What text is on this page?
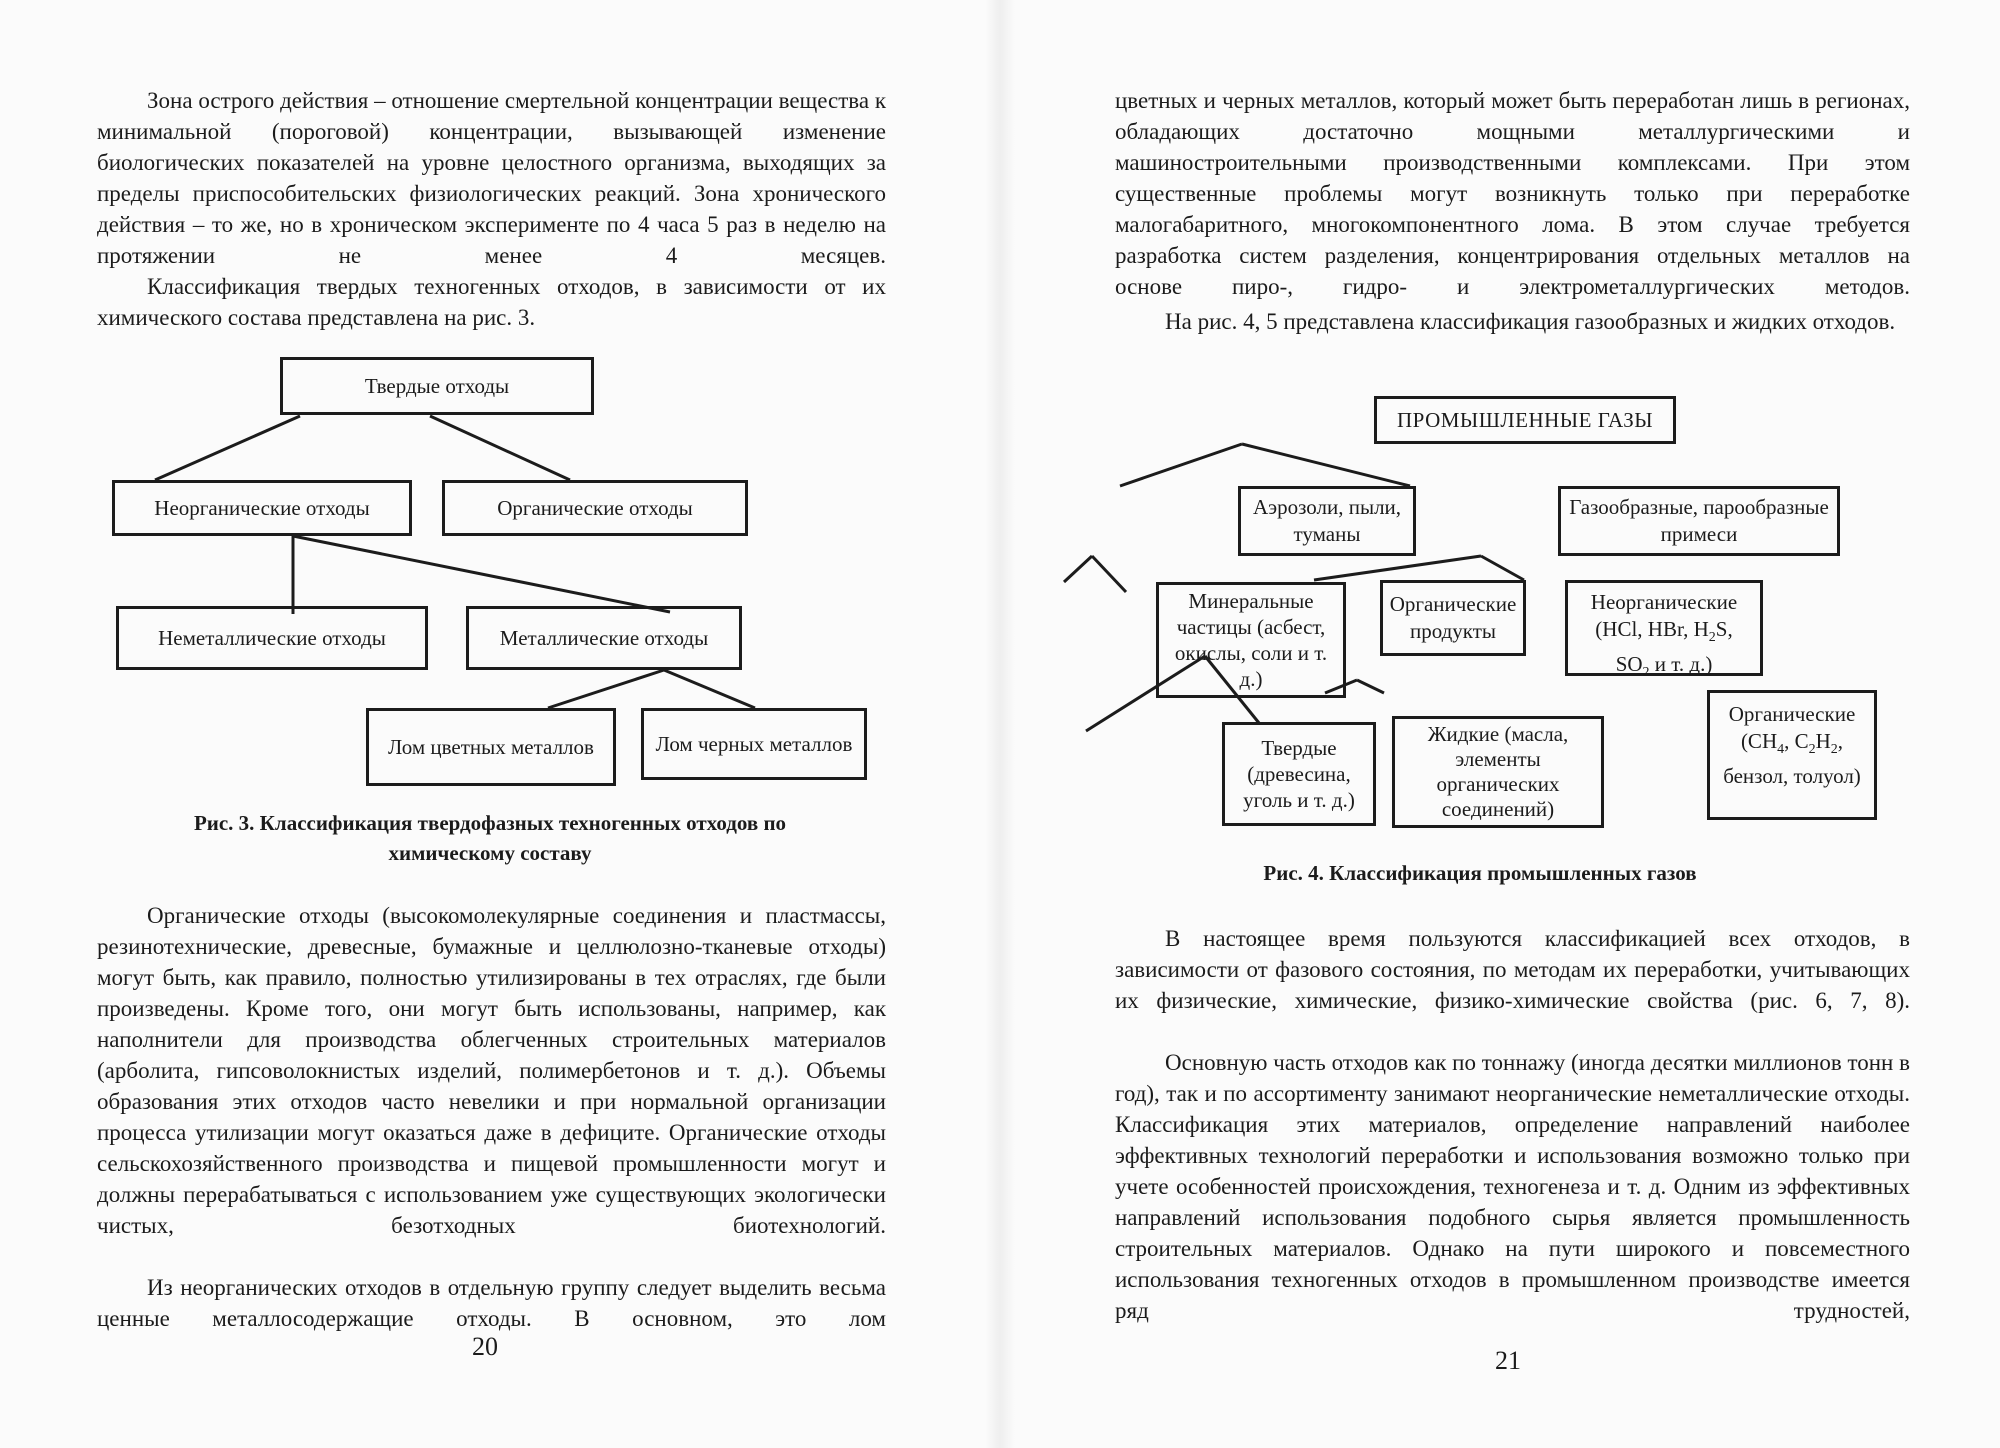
Зона острого действия – отношение смертельной концентрации вещества к минимальной (пороговой) концентрации, вызывающей изменение биологических показателей на уровне целостного организма, выходящих за пределы приспособительских физиологических реакций. Зона хронического действия – то же, но в хроническом эксперименте по 4 часа 5 раз в неделю на протяжении не менее 4 месяцев.

Классификация твердых техногенных отходов, в зависимости от их химического состава представлена на рис. 3.

Твердые отходы
Неорганические отходы	Органические отходы
Неметаллические отходы	Металлические отходы
Лом цветных металлов	Лом черных металлов

Рис. 3. Классификация твердофазных техногенных отходов по химическому составу

Органические отходы (высокомолекулярные соединения и пластмассы, резинотехнические, древесные, бумажные и целлюлозно-тканевые отходы) могут быть, как правило, полностью утилизированы в тех отраслях, где были произведены. Кроме того, они могут быть использованы, например, как наполнители для производства облегченных строительных материалов (арболита, гипсоволокнистых изделий, полимербетонов и т. д.). Объемы образования этих отходов часто невелики и при нормальной организации процесса утилизации могут оказаться даже в дефиците. Органические отходы сельскохозяйственного производства и пищевой промышленности могут и должны перерабатываться с использованием уже существующих экологически чистых, безотходных биотехнологий.

Из неорганических отходов в отдельную группу следует выделить весьма ценные металлосодержащие отходы. В основном, это лом

20

цветных и черных металлов, который может быть переработан лишь в регионах, обладающих достаточно мощными металлургическими и машиностроительными производственными комплексами. При этом существенные проблемы могут возникнуть только при переработке малогабаритного, многокомпонентного лома. В этом случае требуется разработка систем разделения, концентрирования отдельных металлов на основе пиро-, гидро- и электрометаллургических методов.

На рис. 4, 5 представлена классификация газообразных и жидких отходов.

ПРОМЫШЛЕННЫЕ ГАЗЫ
Аэрозоли, пыли, туманы
Газообразные, парообразные примеси
Минеральные частицы (асбест, окислы, соли и т. д.)
Органические продукты
Неорганические
(HCl, HBr, $H_2S$,
$SO_2$ и т. д.)
Твердые (древесина, уголь и т. д.)
Жидкие (масла, элементы органических соединений)
Органические
($CH_4$, $C_2H_2$,
бензол, толуол)

Рис. 4. Классификация промышленных газов

В настоящее время пользуются классификацией всех отходов, в зависимости от фазового состояния, по методам их переработки, учитывающих их физические, химические, физико-химические свойства (рис. 6, 7, 8).

Основную часть отходов как по тоннажу (иногда десятки миллионов тонн в год), так и по ассортименту занимают неорганические неметаллические отходы. Классификация этих материалов, определение направлений наиболее эффективных технологий переработки и использования возможно только при учете особенностей происхождения, техногенеза и т. д. Одним из эффективных направлений использования подобного сырья является промышленность строительных материалов. Однако на пути широкого и повсеместного использования техногенных отходов в промышленном производстве имеется ряд трудностей,

21
